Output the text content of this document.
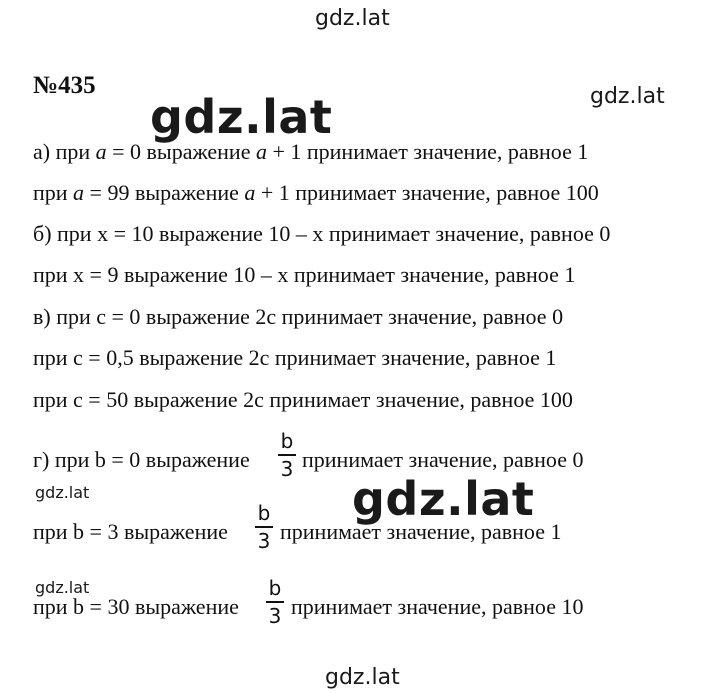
gdz.lat
gdz.lat
gdz.lat
gdz.lat
gdz.lat
gdz.lat
gdz.lat
№435
а) при a = 0 выражение a + 1 принимает значение, равное 1
при a = 99 выражение a + 1 принимает значение, равное 100
б) при x = 10 выражение 10 – x принимает значение, равное 0
при x = 9 выражение 10 – x принимает значение, равное 1
в) при c = 0 выражение 2c принимает значение, равное 0
при c = 0,5 выражение 2c принимает значение, равное 1
при c = 50 выражение 2c принимает значение, равное 100
г) при b = 0 выражение
b
3 принимает значение, равное 0
при b = 3 выражение
b
3 принимает значение, равное 1
при b = 30 выражение
b
3 принимает значение, равное 10
